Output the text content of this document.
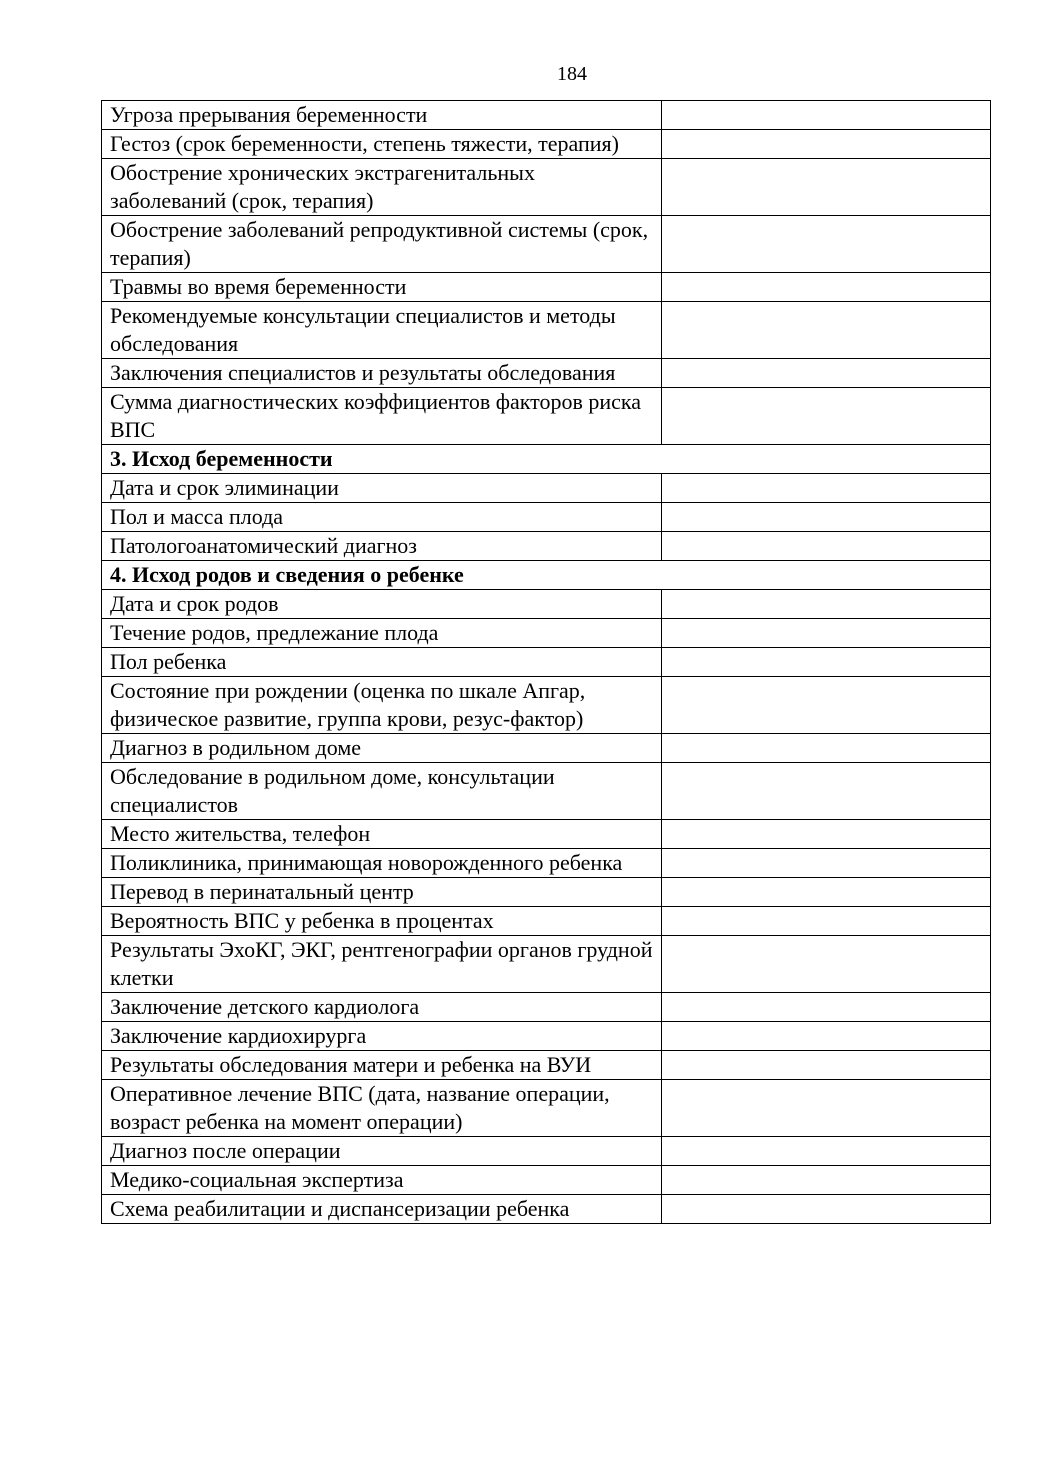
184
Угроза прерывания беременности	
Гестоз (срок беременности, степень тяжести, терапия)	
Обострение хронических экстрагенитальных заболеваний (срок, терапия)	
Обострение заболеваний репродуктивной системы (срок, терапия)	
Травмы во время беременности	
Рекомендуемые консультации специалистов и методы обследования	
Заключения специалистов и результаты обследования	
Сумма диагностических коэффициентов факторов риска ВПС	
3. Исход беременности	
Дата и срок элиминации	
Пол и масса плода	
Патологоанатомический диагноз	
4. Исход родов и сведения о ребенке	
Дата и срок родов	
Течение родов, предлежание плода	
Пол ребенка	
Состояние при рождении (оценка по шкале Апгар, физическое развитие, группа крови, резус-фактор)	
Диагноз в родильном доме	
Обследование в родильном доме, консультации специалистов	
Место жительства, телефон	
Поликлиника, принимающая новорожденного ребенка	
Перевод в перинатальный центр	
Вероятность ВПС у ребенка в процентах	
Результаты ЭхоКГ, ЭКГ, рентгенографии органов грудной клетки	
Заключение детского кардиолога	
Заключение кардиохирурга	
Результаты обследования матери и ребенка на ВУИ	
Оперативное лечение ВПС (дата, название операции, возраст ребенка на момент операции)	
Диагноз после операции	
Медико-социальная экспертиза	
Схема реабилитации и диспансеризации ребенка	
